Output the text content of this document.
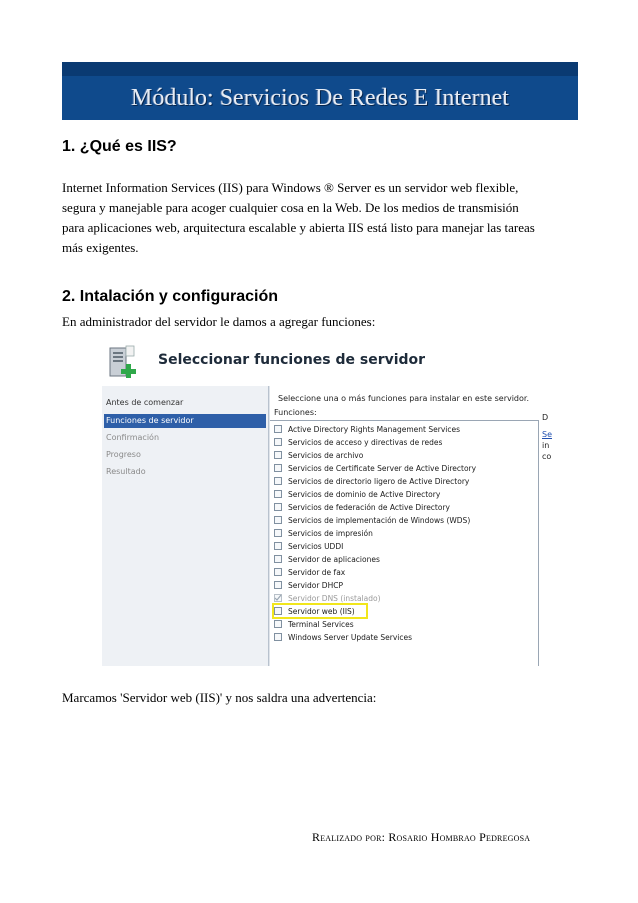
Módulo: Servicios De Redes E Internet
1. ¿Qué es IIS?
Internet Information Services (IIS) para Windows ® Server es un servidor web flexible,
segura y manejable para acoger cualquier cosa en la Web. De los medios de transmisión
para aplicaciones web, arquitectura escalable y abierta IIS está listo para manejar las tareas
más exigentes.
2. Intalación y configuración
En administrador del servidor le damos a agregar funciones:
Seleccionar funciones de servidor
Antes de comenzar
Funciones de servidor
Confirmación
Progreso
Resultado
Seleccione una o más funciones para instalar en este servidor.
Funciones:
Active Directory Rights Management Services
Servicios de acceso y directivas de redes
Servicios de archivo
Servicios de Certificate Server de Active Directory
Servicios de directorio ligero de Active Directory
Servicios de dominio de Active Directory
Servicios de federación de Active Directory
Servicios de implementación de Windows (WDS)
Servicios de impresión
Servicios UDDI
Servidor de aplicaciones
Servidor de fax
Servidor DHCP
Servidor DNS (instalado)
Servidor web (IIS)
Terminal Services
Windows Server Update Services
D
Se
in
co
Marcamos 'Servidor web (IIS)' y nos saldra una advertencia:
Realizado por: Rosario Hombrao Pedregosa
